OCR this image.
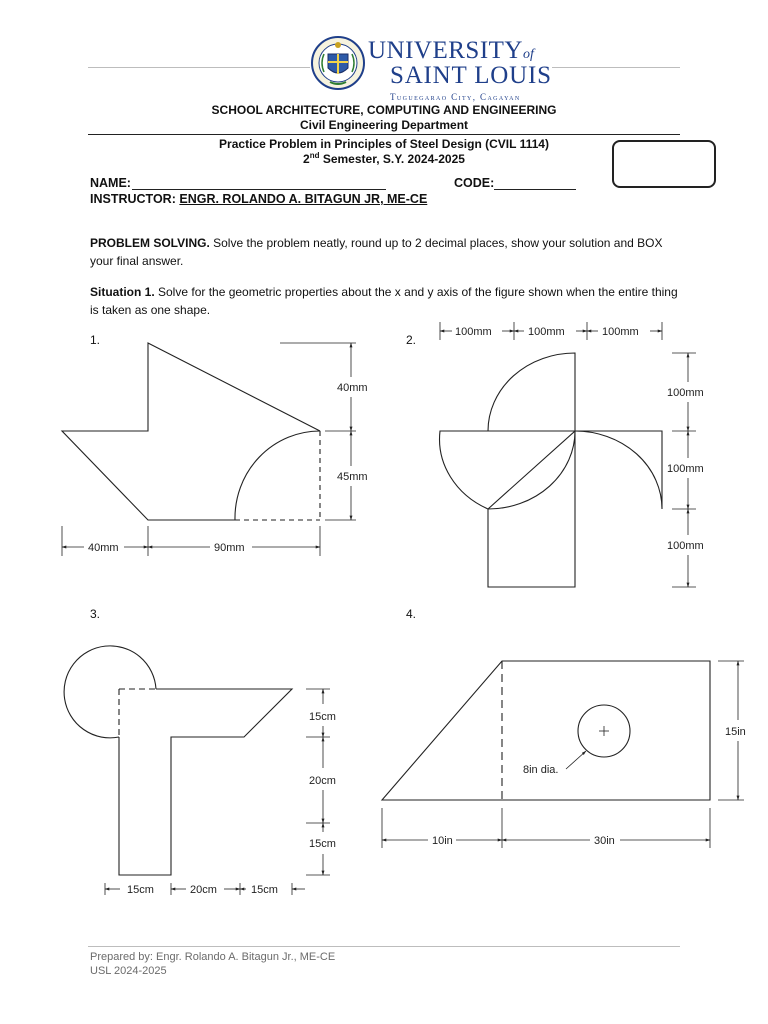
UNIVERSITYof
SAINT LOUIS
Tuguegarao City, Cagayan
SCHOOL ARCHITECTURE, COMPUTING AND ENGINEERING
Civil Engineering Department
Practice Problem in Principles of Steel Design (CVIL 1114)
2nd Semester, S.Y. 2024-2025
NAME:	CODE:
INSTRUCTOR: ENGR. ROLANDO A. BITAGUN JR, ME-CE
PROBLEM SOLVING. Solve the problem neatly, round up to 2 decimal places, show your solution and BOX your final answer.
Situation 1. Solve for the geometric properties about the x and y axis of the figure shown when the entire thing is taken as one shape.
1.	2.
3.	4.
40mm
45mm
40mm	90mm
100mm	100mm	100mm
100mm
100mm
100mm
15cm
20cm
15cm
15cm	20cm	15cm
15in
10in	30in
8in dia.
Prepared by: Engr. Rolando A. Bitagun Jr., ME-CE
USL 2024-2025
